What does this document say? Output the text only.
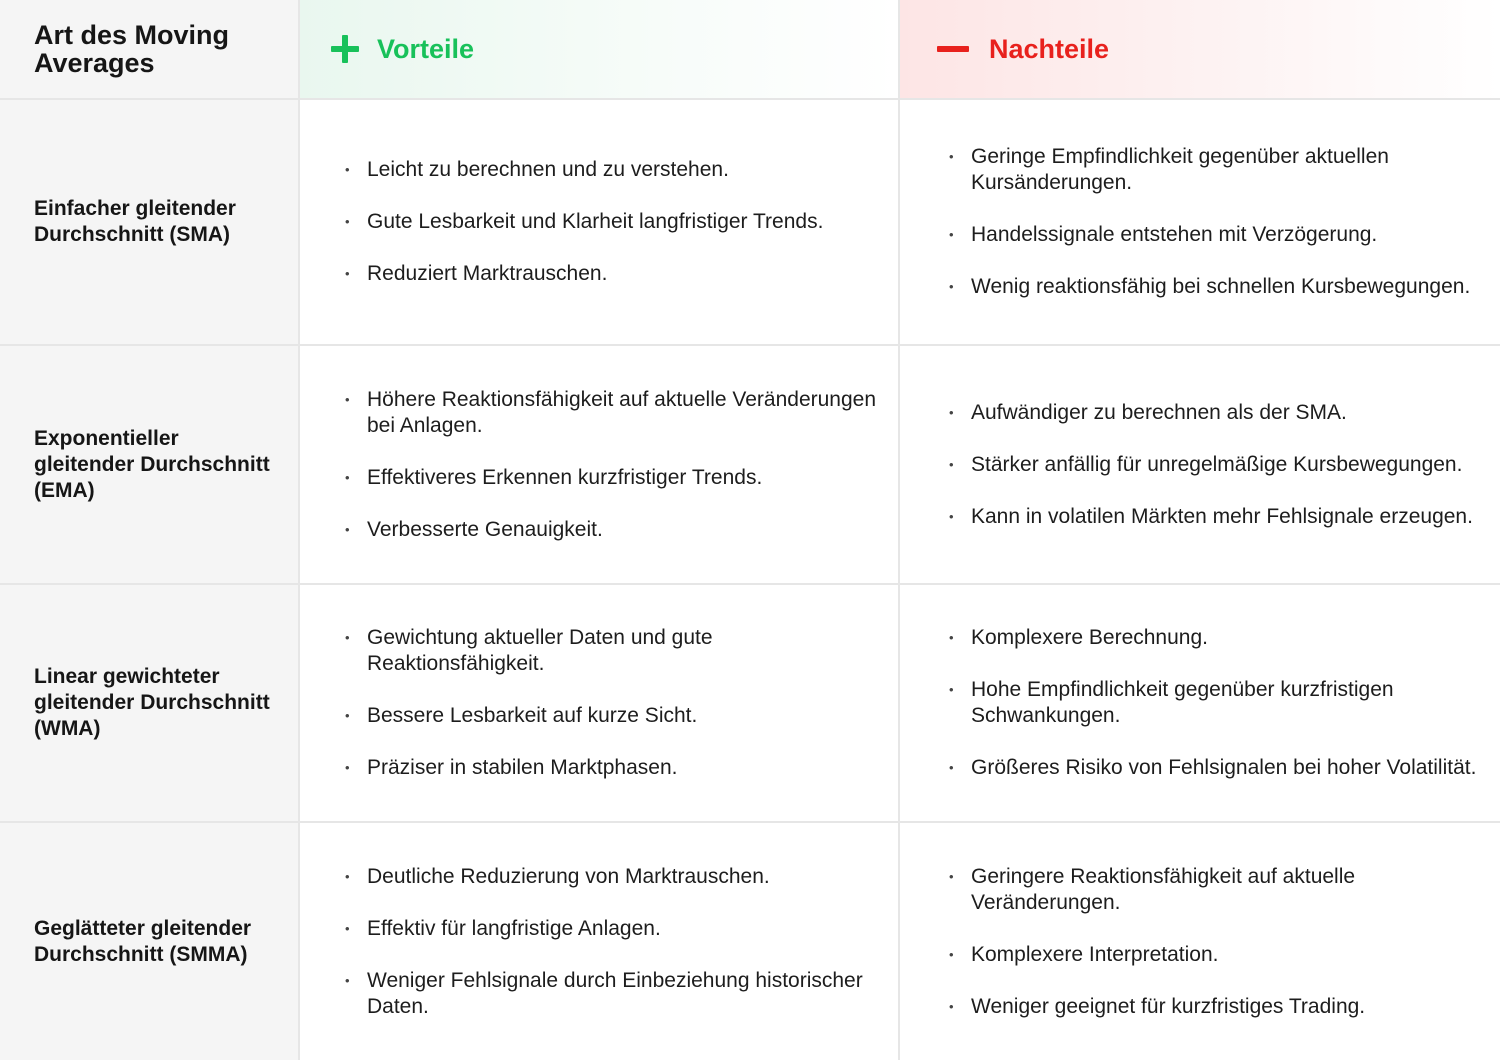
Art des Moving Averages	Vorteile	Nachteile
Einfacher gleitender Durchschnitt (SMA)
• Leicht zu berechnen und zu verstehen.
• Gute Lesbarkeit und Klarheit langfristiger Trends.
• Reduziert Marktrauschen.
• Geringe Empfindlichkeit gegenüber aktuellen Kursänderungen.
• Handelssignale entstehen mit Verzögerung.
• Wenig reaktionsfähig bei schnellen Kursbewegungen.
Exponentieller gleitender Durchschnitt (EMA)
• Höhere Reaktionsfähigkeit auf aktuelle Veränderungen bei Anlagen.
• Effektiveres Erkennen kurzfristiger Trends.
• Verbesserte Genauigkeit.
• Aufwändiger zu berechnen als der SMA.
• Stärker anfällig für unregelmäßige Kursbewegungen.
• Kann in volatilen Märkten mehr Fehlsignale erzeugen.
Linear gewichteter gleitender Durchschnitt (WMA)
• Gewichtung aktueller Daten und gute Reaktionsfähigkeit.
• Bessere Lesbarkeit auf kurze Sicht.
• Präziser in stabilen Marktphasen.
• Komplexere Berechnung.
• Hohe Empfindlichkeit gegenüber kurzfristigen Schwankungen.
• Größeres Risiko von Fehlsignalen bei hoher Volatilität.
Geglätteter gleitender Durchschnitt (SMMA)
• Deutliche Reduzierung von Marktrauschen.
• Effektiv für langfristige Anlagen.
• Weniger Fehlsignale durch Einbeziehung historischer Daten.
• Geringere Reaktionsfähigkeit auf aktuelle Veränderungen.
• Komplexere Interpretation.
• Weniger geeignet für kurzfristiges Trading.
